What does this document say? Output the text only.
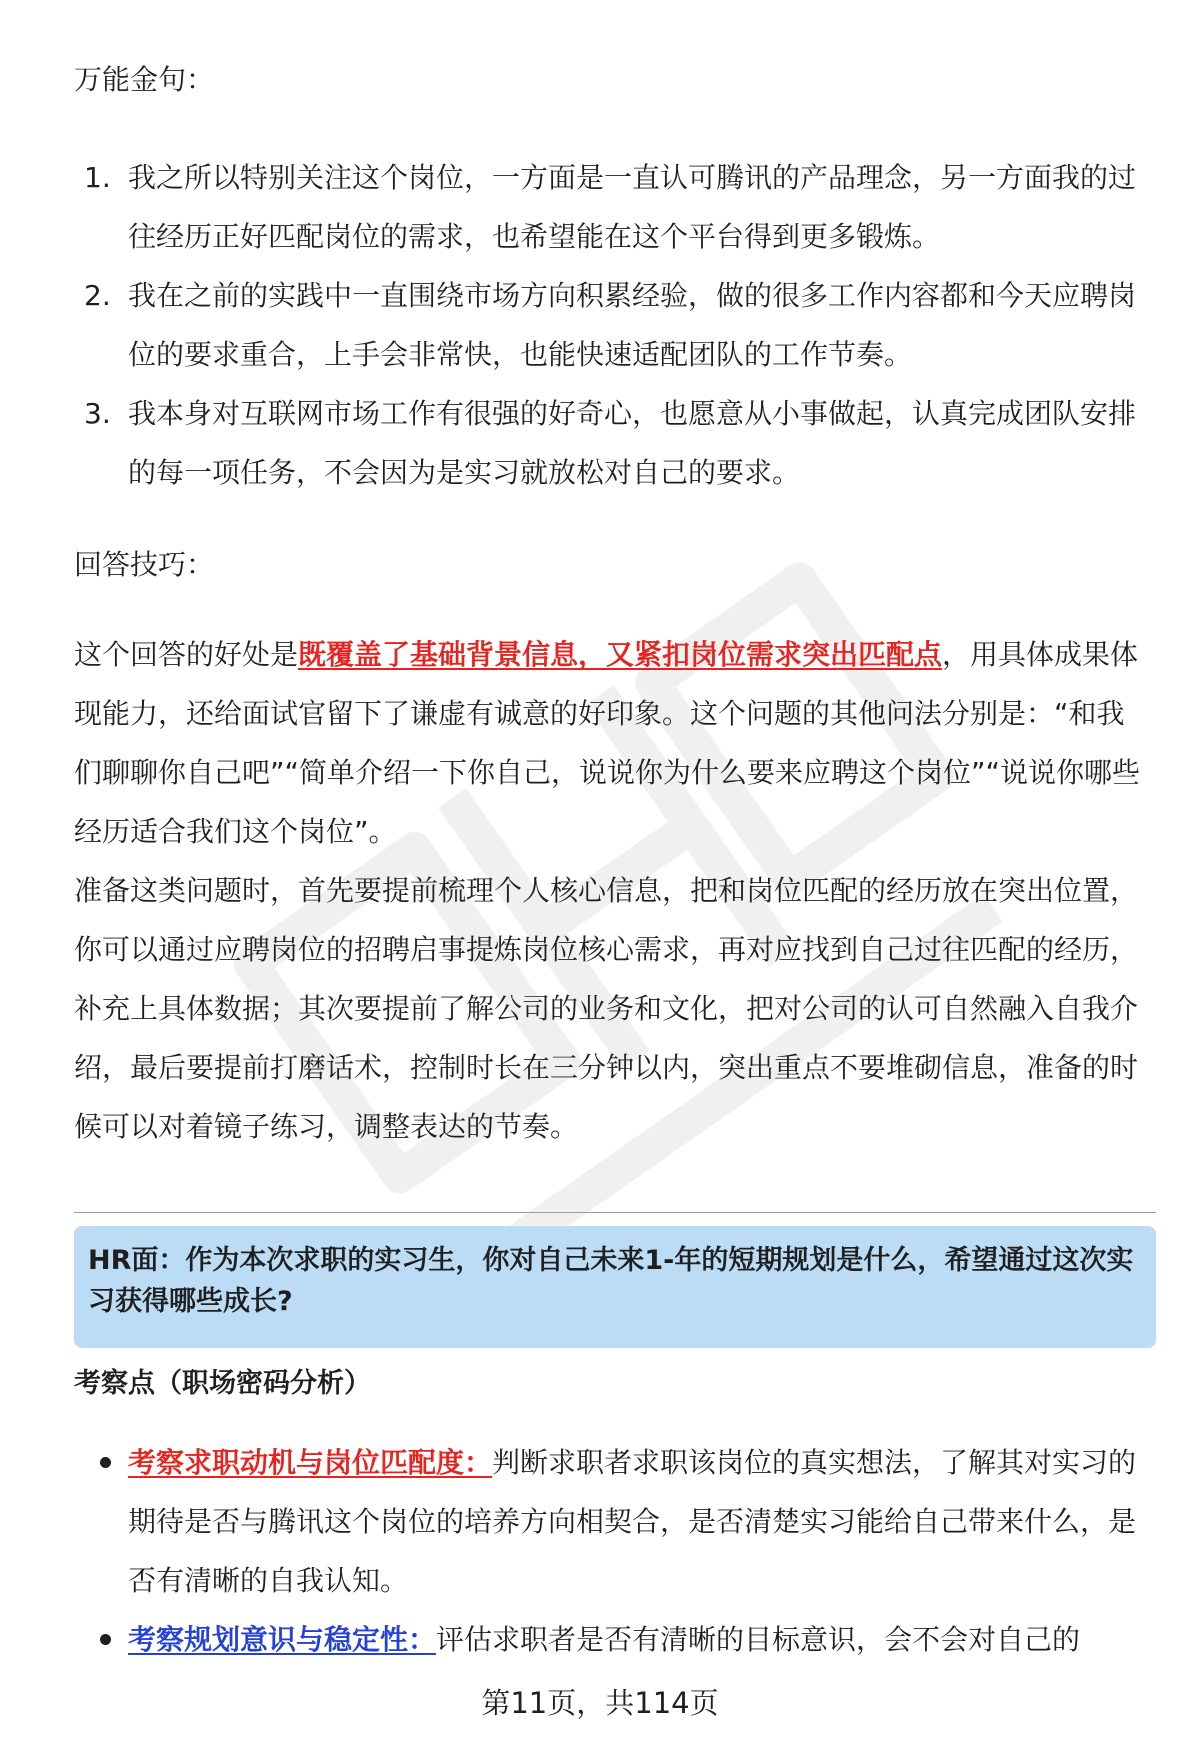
万能金句：
1. 我之所以特别关注这个岗位，一方面是一直认可腾讯的产品理念，另一方面我的过往经历正好匹配岗位的需求，也希望能在这个平台得到更多锻炼。
2. 我在之前的实践中一直围绕市场方向积累经验，做的很多工作内容都和今天应聘岗位的要求重合，上手会非常快，也能快速适配团队的工作节奏。
3. 我本身对互联网市场工作有很强的好奇心，也愿意从小事做起，认真完成团队安排的每一项任务，不会因为是实习就放松对自己的要求。
回答技巧：
这个回答的好处是既覆盖了基础背景信息，又紧扣岗位需求突出匹配点，用具体成果体现能力，还给面试官留下了谦虚有诚意的好印象。这个问题的其他问法分别是：“和我们聊聊你自己吧”“简单介绍一下你自己，说说你为什么要来应聘这个岗位”“说说你哪些经历适合我们这个岗位”。
准备这类问题时，首先要提前梳理个人核心信息，把和岗位匹配的经历放在突出位置，你可以通过应聘岗位的招聘启事提炼岗位核心需求，再对应找到自己过往匹配的经历，补充上具体数据；其次要提前了解公司的业务和文化，把对公司的认可自然融入自我介绍，最后要提前打磨话术，控制时长在三分钟以内，突出重点不要堆砌信息，准备的时候可以对着镜子练习，调整表达的节奏。
HR面：作为本次求职的实习生，你对自己未来1-年的短期规划是什么，希望通过这次实习获得哪些成长?
考察点（职场密码分析）
考察求职动机与岗位匹配度：判断求职者求职该岗位的真实想法，了解其对实习的期待是否与腾讯这个岗位的培养方向相契合，是否清楚实习能给自己带来什么，是否有清晰的自我认知。
考察规划意识与稳定性：评估求职者是否有清晰的目标意识，会不会对自己的
第11页，共114页
